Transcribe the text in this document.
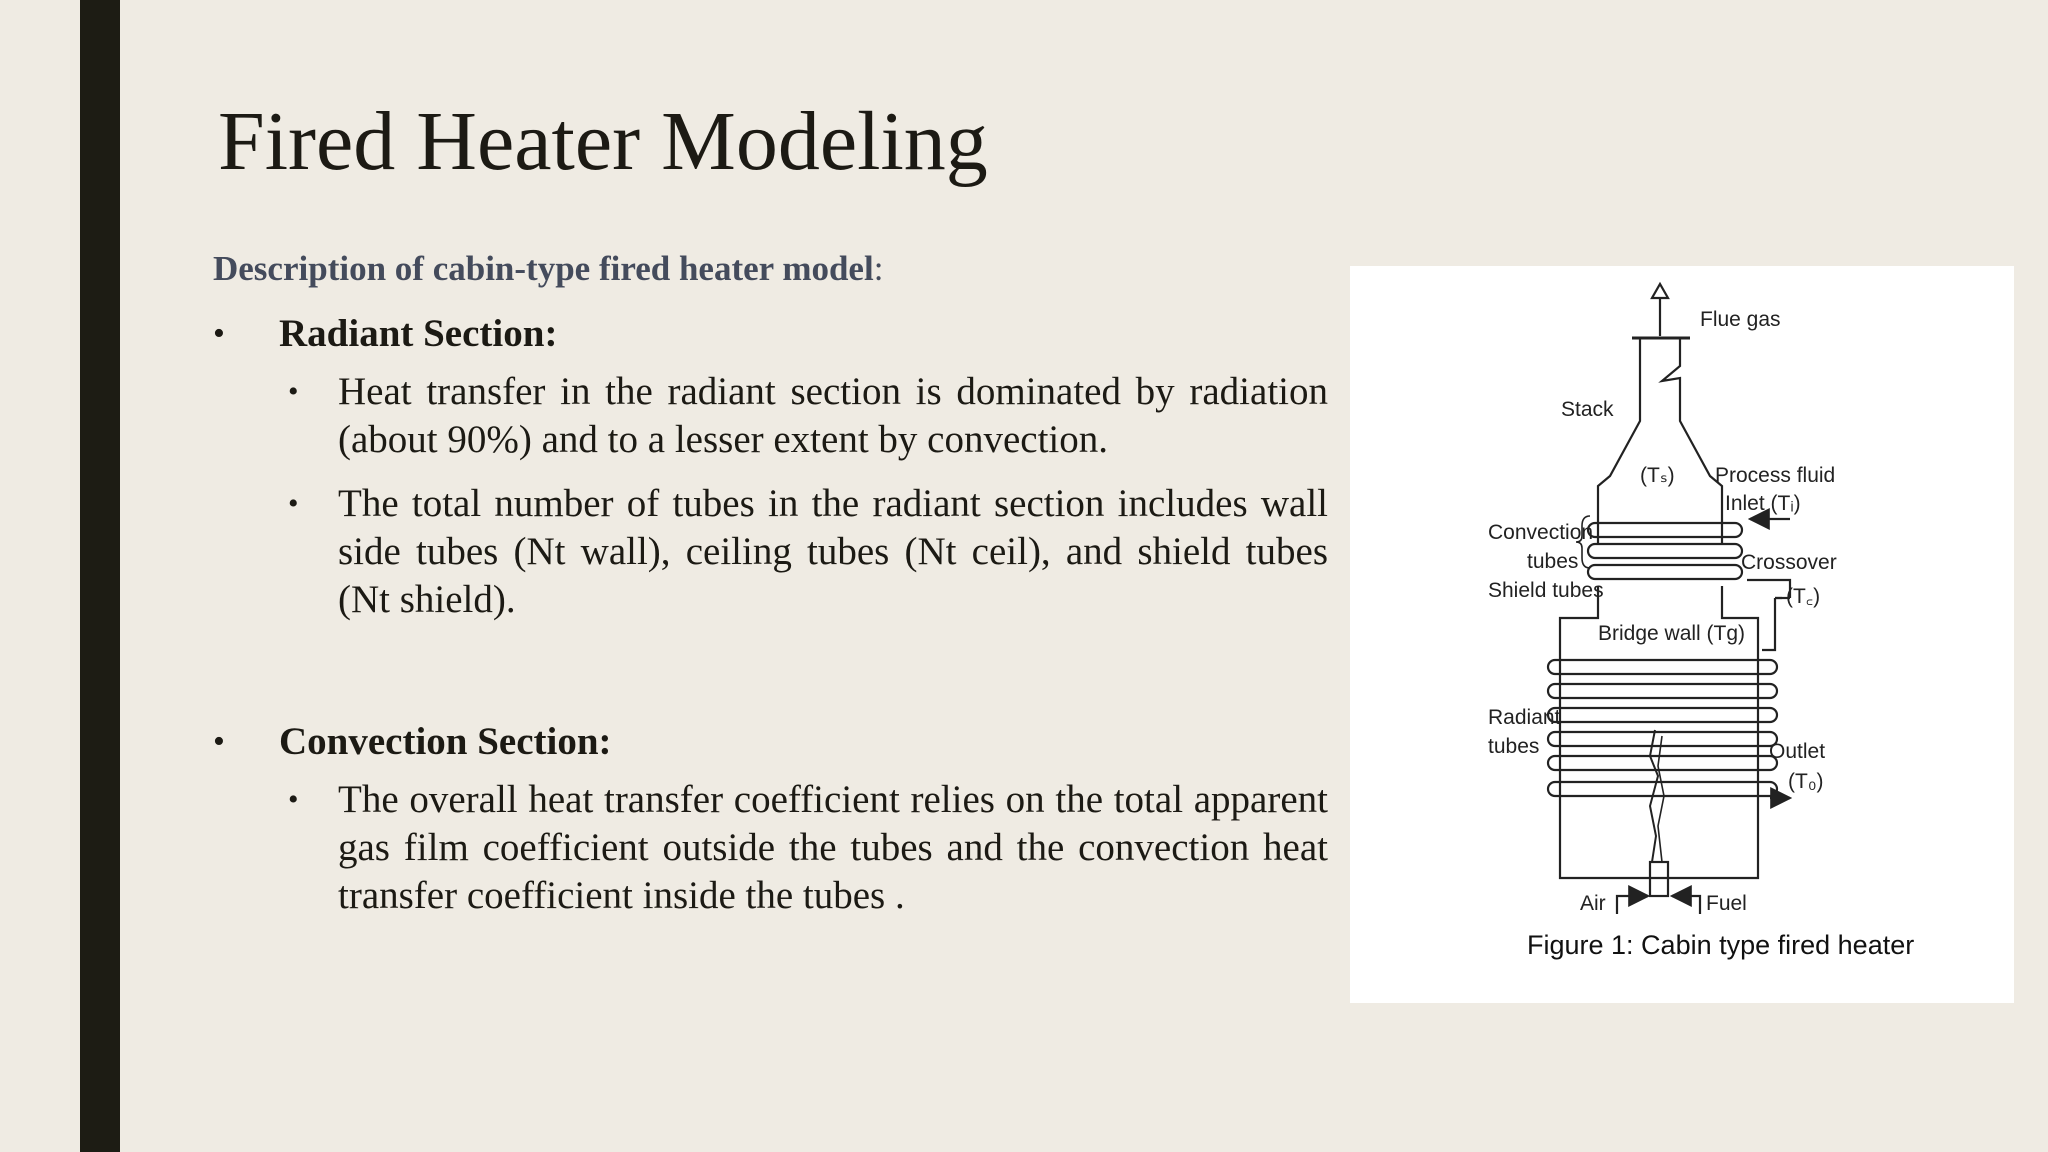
Fired Heater Modeling
Description of cabin-type fired heater model:
• Radiant Section:
• Heat transfer in the radiant section is dominated by radiation (about 90%) and to a lesser extent by convection.
• The total number of tubes in the radiant section includes wall side tubes (Nt wall), ceiling tubes (Nt ceil), and shield tubes (Nt shield).
• Convection Section:
• The overall heat transfer coefficient relies on the total apparent gas film coefficient outside the tubes and the convection heat transfer coefficient inside the tubes .
Flue gas
Stack
(Tₛ) Process fluid
Inlet (Tᵢ)
Convection
tubes
Shield tubes
Crossover
(T꜀)
Bridge wall (Tg)
Radiant
tubes	Outlet
(T₀)
Air	Fuel
Figure 1: Cabin type fired heater
